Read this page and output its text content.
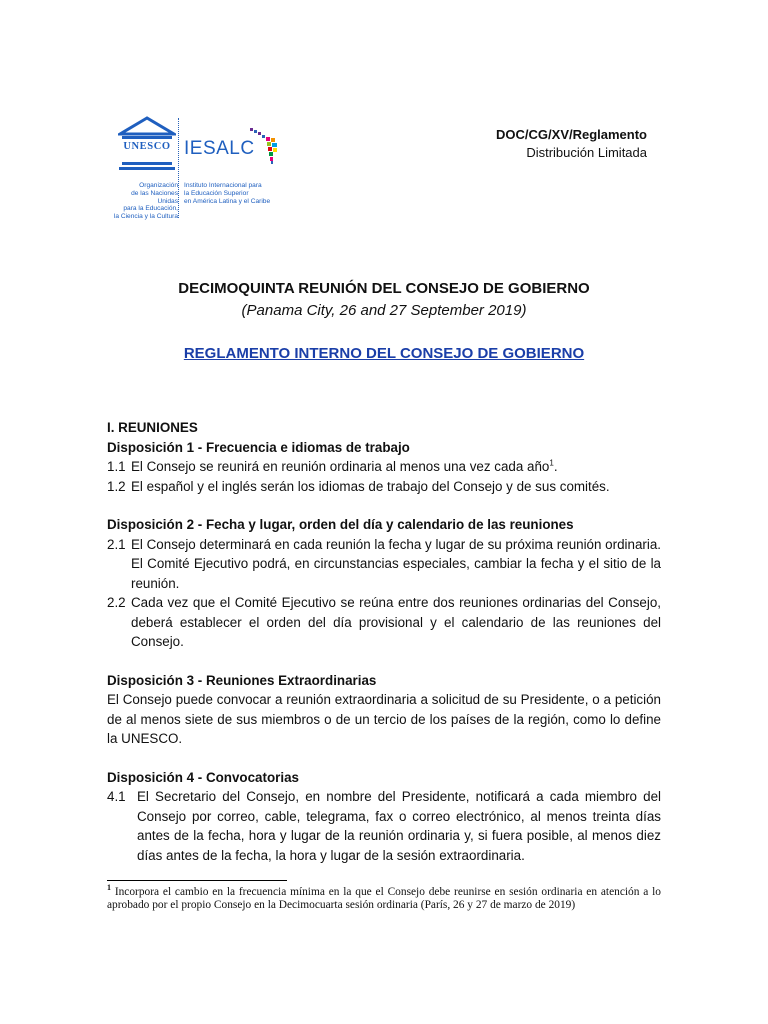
UNESCO IESALC
Organización
de las Naciones Unidas
para la Educación,
la Ciencia y la Cultura
Instituto Internacional para
la Educación Superior
en América Latina y el Caribe
DOC/CG/XV/Reglamento
Distribución Limitada
DECIMOQUINTA REUNIÓN DEL CONSEJO DE GOBIERNO
(Panama City, 26 and 27 September 2019)
REGLAMENTO INTERNO DEL CONSEJO DE GOBIERNO

I. REUNIONES

Disposición 1 - Frecuencia e idiomas de trabajo

1.1 El Consejo se reunirá en reunión ordinaria al menos una vez cada año$^1$.
1.2 El español y el inglés serán los idiomas de trabajo del Consejo y de sus comités.

Disposición 2 - Fecha y lugar, orden del día y calendario de las reuniones

2.1 El Consejo determinará en cada reunión la fecha y lugar de su próxima reunión ordinaria. El Comité Ejecutivo podrá, en circunstancias especiales, cambiar la fecha y el sitio de la reunión.
2.2 Cada vez que el Comité Ejecutivo se reúna entre dos reuniones ordinarias del Consejo, deberá establecer el orden del día provisional y el calendario de las reuniones del Consejo.

Disposición 3 - Reuniones Extraordinarias

El Consejo puede convocar a reunión extraordinaria a solicitud de su Presidente, o a petición de al menos siete de sus miembros o de un tercio de los países de la región, como lo define la UNESCO.

Disposición 4 - Convocatorias

4.1 El Secretario del Consejo, en nombre del Presidente, notificará a cada miembro del Consejo por correo, cable, telegrama, fax o correo electrónico, al menos treinta días antes de la fecha, hora y lugar de la reunión ordinaria y, si fuera posible, al menos diez días antes de la fecha, la hora y lugar de la sesión extraordinaria.
$^1$ Incorpora el cambio en la frecuencia mínima en la que el Consejo debe reunirse en sesión ordinaria en atención a lo aprobado por el propio Consejo en la Decimocuarta sesión ordinaria (París, 26 y 27 de marzo de 2019)
